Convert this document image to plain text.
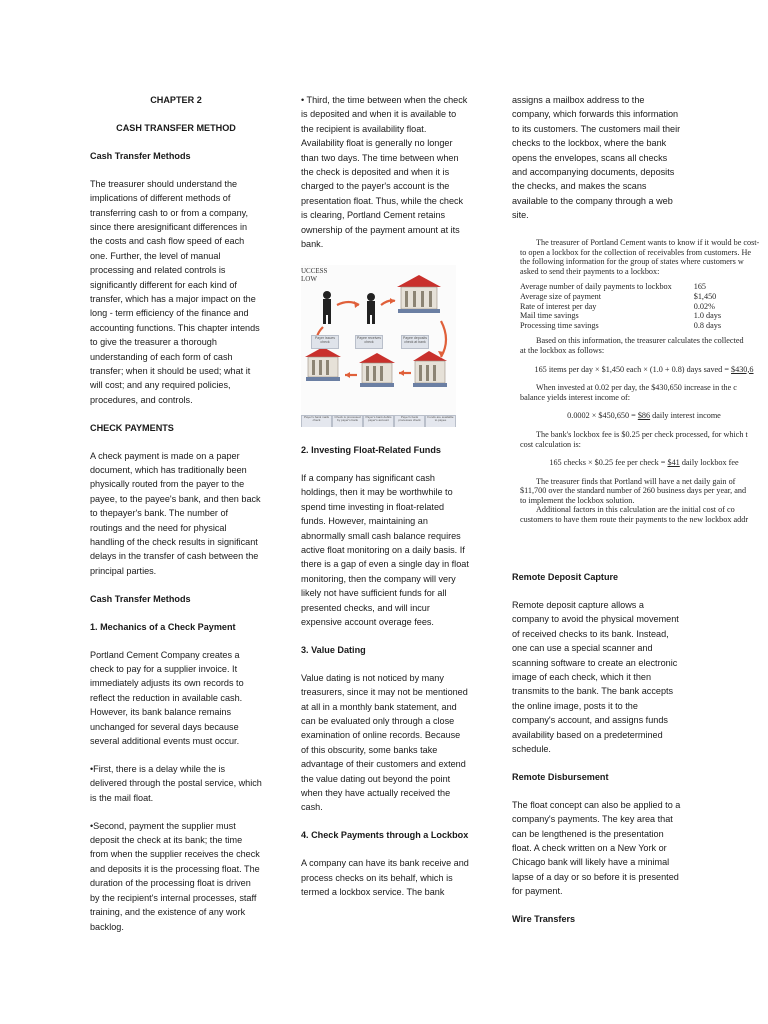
CHAPTER 2

CASH TRANSFER METHOD

Cash Transfer Methods

The treasurer should understand the implications of different methods of transferring cash to or from a company, since there aresignificant differences in the costs and cash flow speed of each one. Further, the level of manual processing and related controls is significantly different for each kind of transfer, which has a major impact on the long - term efficiency of the finance and accounting functions. This chapter intends to give the treasurer a thorough understanding of each form of cash transfer; when it should be used; what it will cost; and any required policies, procedures, and controls.

CHECK PAYMENTS

A check payment is made on a paper document, which has traditionally been physically routed from the payer to the payee, to the payee's bank, and then back to thepayer's bank. The number of routings and the need for physical handling of the check results in significant delays in the transfer of cash between the principal parties.

Cash Transfer Methods

1. Mechanics of a Check Payment

Portland Cement Company creates a check to pay for a supplier invoice. It immediately adjusts its own records to reflect the reduction in available cash. However, its bank balance remains unchanged for several days because several additional events must occur.

•First, there is a delay while the is delivered through the postal service, which is the mail float.

•Second, payment the supplier must deposit the check at its bank; the time from when the supplier receives the check and deposits it is the processing float. The duration of the processing float is driven by the recipient's internal processes, staff training, and the existence of any work backlog.

• Third, the time between when the check is deposited and when it is available to the recipient is availability float. Availability float is generally no longer than two days. The time between when the check is deposited and when it is charged to the payer's account is the presentation float. Thus, while the check is clearing, Portland Cement retains ownership of the payment amount at its bank.

UCCESS
LOW
Payer issues check
Payee receives check
Payee deposits check at bank
Payer's bank mails check
Check is processed by payer's bank
Payer's bank debits payer's account
Payer's bank processes check
Funds are available to payee

2. Investing Float-Related Funds

If a company has significant cash holdings, then it may be worthwhile to spend time investing in float-related funds. However, maintaining an abnormally small cash balance requires active float monitoring on a daily basis. If there is a gap of even a single day in float monitoring, then the company will very likely not have sufficient funds for all presented checks, and will incur expensive account overage fees.

3. Value Dating

Value dating is not noticed by many treasurers, since it may not be mentioned at all in a monthly bank statement, and can be evaluated only through a close examination of online records. Because of this obscurity, some banks take advantage of their customers and extend the value dating out beyond the point when they have actually received the cash.

4. Check Payments through a Lockbox

A company can have its bank receive and process checks on its behalf, which is termed a lockbox service. The bank

assigns a mailbox address to the company, which forwards this information to its customers. The customers mail their checks to the lockbox, where the bank opens the envelopes, scans all checks and accompanying documents, deposits the checks, and makes the scans available to the company through a web site.

The treasurer of Portland Cement wants to know if it would be cost-

to open a lockbox for the collection of receivables from customers. He

the following information for the group of states where customers w

asked to send their payments to a lockbox:

Average number of daily payments to lockbox	165
Average size of payment	$1,450
Rate of interest per day	0.02%
Mail time savings	1.0 days
Processing time savings	0.8 days

Based on this information, the treasurer calculates the collected

at the lockbox as follows:

165 items per day × $1,450 each × (1.0 + 0.8) days saved = $430,6

When invested at 0.02 per day, the $430,650 increase in the c

balance yields interest income of:

0.0002 × $450,650 = $86 daily interest income

The bank's lockbox fee is $0.25 per check processed, for which t

cost calculation is:

165 checks × $0.25 fee per check = $41 daily lockbox fee

The treasurer finds that Portland will have a net daily gain of

$11,700 over the standard number of 260 business days per year, and

to implement the lockbox solution.

Additional factors in this calculation are the initial cost of co

customers to have them route their payments to the new lockbox addr

Remote Deposit Capture

Remote deposit capture allows a company to avoid the physical movement of received checks to its bank. Instead, one can use a special scanner and scanning software to create an electronic image of each check, which it then transmits to the bank. The bank accepts the online image, posts it to the company's account, and assigns funds availability based on a predetermined schedule.

Remote Disbursement

The float concept can also be applied to a company's payments. The key area that can be lengthened is the presentation float. A check written on a New York or Chicago bank will likely have a minimal lapse of a day or so before it is presented for payment.

Wire Transfers
